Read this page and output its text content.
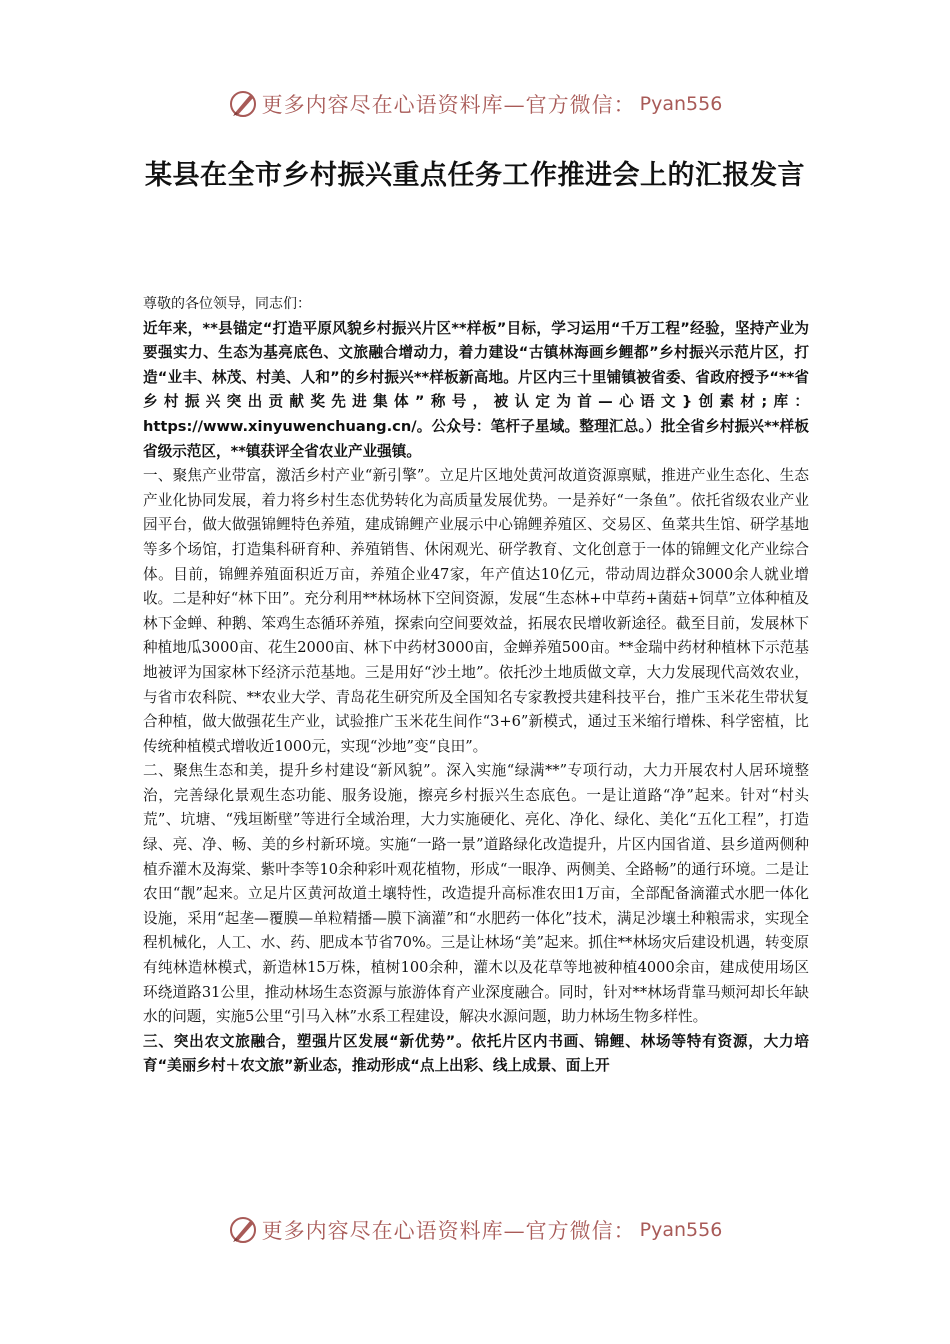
更多内容尽在心语资料库—官方微信： Pyan556
某县在全市乡村振兴重点任务工作推进会上的汇报发言

尊敬的各位领导，同志们：

近年来，**县锚定“打造平原风貌乡村振兴片区**样板”目标，学习运用“千万工程”经验，坚持产业为要强实力、生态为基亮底色、文旅融合增动力，着力建设“古镇林海画乡鲤都”乡村振兴示范片区，打造“业丰、林茂、村美、人和”的乡村振兴**样板新高地。片区内三十里铺镇被省委、省政府授予“**省乡村振兴突出贡献奖先进集体”称号，被认定为首—心语文}创素材;库：https://www.xinyuwenchuang.cn/。公众号：笔杆子星域。整理汇总。）批全省乡村振兴**样板省级示范区，**镇获评全省农业产业强镇。

一、聚焦产业带富，激活乡村产业“新引擎”。立足片区地处黄河故道资源禀赋，推进产业生态化、生态产业化协同发展，着力将乡村生态优势转化为高质量发展优势。一是养好“一条鱼”。依托省级农业产业园平台，做大做强锦鲤特色养殖，建成锦鲤产业展示中心锦鲤养殖区、交易区、鱼菜共生馆、研学基地等多个场馆，打造集科研育种、养殖销售、休闲观光、研学教育、文化创意于一体的锦鲤文化产业综合体。目前，锦鲤养殖面积近万亩，养殖企业47家，年产值达10亿元，带动周边群众3000余人就业增收。二是种好“林下田”。充分利用**林场林下空间资源，发展“生态林+中草药+菌菇+饲草”立体种植及林下金蝉、种鹅、笨鸡生态循环养殖，探索向空间要效益，拓展农民增收新途径。截至目前，发展林下种植地瓜3000亩、花生2000亩、林下中药材3000亩，金蝉养殖500亩。**金瑞中药材种植林下示范基地被评为国家林下经济示范基地。三是用好“沙土地”。依托沙土地质做文章，大力发展现代高效农业，与省市农科院、**农业大学、青岛花生研究所及全国知名专家教授共建科技平台，推广玉米花生带状复合种植，做大做强花生产业，试验推广玉米花生间作“3+6”新模式，通过玉米缩行增株、科学密植，比传统种植模式增收近1000元，实现“沙地”变“良田”。

二、聚焦生态和美，提升乡村建设“新风貌”。深入实施“绿满**”专项行动，大力开展农村人居环境整治，完善绿化景观生态功能、服务设施，擦亮乡村振兴生态底色。一是让道路“净”起来。针对“村头荒”、坑塘、“残垣断壁”等进行全域治理，大力实施硬化、亮化、净化、绿化、美化“五化工程”，打造绿、亮、净、畅、美的乡村新环境。实施“一路一景”道路绿化改造提升，片区内国省道、县乡道两侧种植乔灌木及海棠、紫叶李等10余种彩叶观花植物，形成“一眼净、两侧美、全路畅”的通行环境。二是让农田“靓”起来。立足片区黄河故道土壤特性，改造提升高标准农田1万亩，全部配备滴灌式水肥一体化设施，采用“起垄—覆膜—单粒精播—膜下滴灌”和“水肥药一体化”技术，满足沙壤土种粮需求，实现全程机械化，人工、水、药、肥成本节省70%。三是让林场“美”起来。抓住**林场灾后建设机遇，转变原有纯林造林模式，新造林15万株，植树100余种，灌木以及花草等地被种植4000余亩，建成使用场区环绕道路31公里，推动林场生态资源与旅游体育产业深度融合。同时，针对**林场背靠马颊河却长年缺水的问题，实施5公里“引马入林”水系工程建设，解决水源问题，助力林场生物多样性。

三、突出农文旅融合，塑强片区发展“新优势”。依托片区内书画、锦鲤、林场等特有资源，大力培育“美丽乡村＋农文旅”新业态，推动形成“点上出彩、线上成景、面上开

更多内容尽在心语资料库—官方微信： Pyan556
